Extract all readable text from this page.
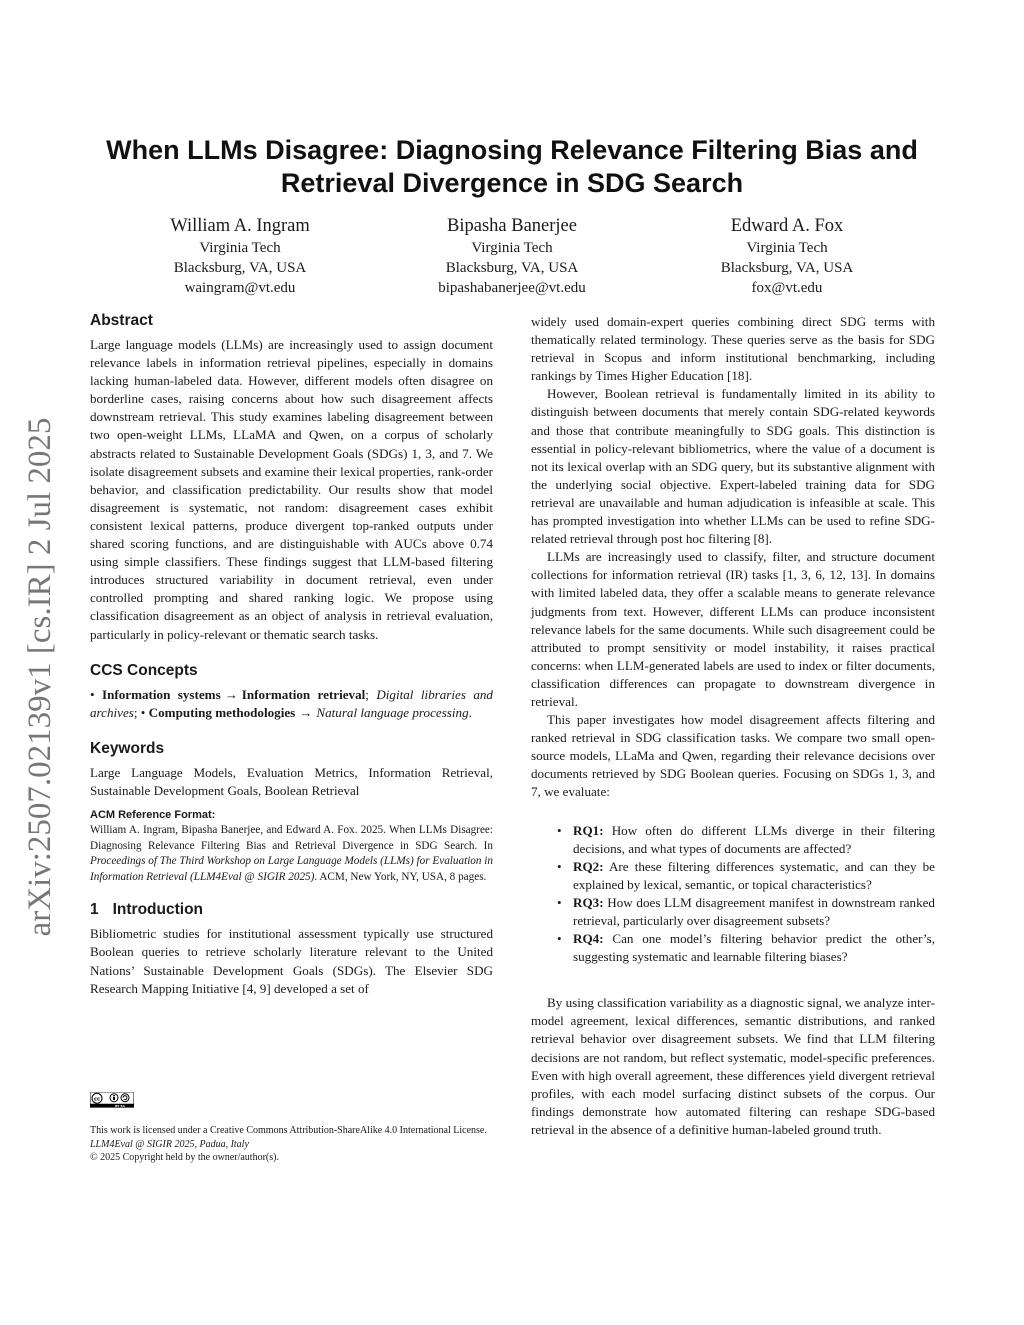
arXiv:2507.02139v1 [cs.IR] 2 Jul 2025
When LLMs Disagree: Diagnosing Relevance Filtering Bias and
Retrieval Divergence in SDG Search
William A. Ingram
Virginia Tech
Blacksburg, VA, USA
waingram@vt.edu
Bipasha Banerjee
Virginia Tech
Blacksburg, VA, USA
bipashabanerjee@vt.edu
Edward A. Fox
Virginia Tech
Blacksburg, VA, USA
fox@vt.edu
Abstract

Large language models (LLMs) are increasingly used to assign document relevance labels in information retrieval pipelines, especially in domains lacking human-labeled data. However, different models often disagree on borderline cases, raising concerns about how such disagreement affects downstream retrieval. This study examines labeling disagreement between two open-weight LLMs, LLaMA and Qwen, on a corpus of scholarly abstracts related to Sustainable Development Goals (SDGs) 1, 3, and 7. We isolate disagreement subsets and examine their lexical properties, rank-order behavior, and classification predictability. Our results show that model disagreement is systematic, not random: disagreement cases exhibit consistent lexical patterns, produce divergent top-ranked outputs under shared scoring functions, and are distinguishable with AUCs above 0.74 using simple classifiers. These findings suggest that LLM-based filtering introduces structured variability in document retrieval, even under controlled prompting and shared ranking logic. We propose using classification disagreement as an object of analysis in retrieval evaluation, particularly in policy-relevant or thematic search tasks.

CCS Concepts

• Information systems → Information retrieval; Digital libraries and archives; • Computing methodologies → Natural language processing.

Keywords

Large Language Models, Evaluation Metrics, Information Retrieval, Sustainable Development Goals, Boolean Retrieval

ACM Reference Format:

William A. Ingram, Bipasha Banerjee, and Edward A. Fox. 2025. When LLMs Disagree: Diagnosing Relevance Filtering Bias and Retrieval Divergence in SDG Search. In Proceedings of The Third Workshop on Large Language Models (LLMs) for Evaluation in Information Retrieval (LLM4Eval @ SIGIR 2025). ACM, New York, NY, USA, 8 pages.

1 Introduction

Bibliometric studies for institutional assessment typically use structured Boolean queries to retrieve scholarly literature relevant to the United Nations’ Sustainable Development Goals (SDGs). The Elsevier SDG Research Mapping Initiative [4, 9] developed a set of

cc
BY SA

This work is licensed under a Creative Commons Attribution-ShareAlike 4.0 International License.

LLM4Eval @ SIGIR 2025, Padua, Italy

© 2025 Copyright held by the owner/author(s).

widely used domain-expert queries combining direct SDG terms with thematically related terminology. These queries serve as the basis for SDG retrieval in Scopus and inform institutional benchmarking, including rankings by Times Higher Education [18].

However, Boolean retrieval is fundamentally limited in its ability to distinguish between documents that merely contain SDG-related keywords and those that contribute meaningfully to SDG goals. This distinction is essential in policy-relevant bibliometrics, where the value of a document is not its lexical overlap with an SDG query, but its substantive alignment with the underlying social objective. Expert-labeled training data for SDG retrieval are unavailable and human adjudication is infeasible at scale. This has prompted investigation into whether LLMs can be used to refine SDG-related retrieval through post hoc filtering [8].

LLMs are increasingly used to classify, filter, and structure document collections for information retrieval (IR) tasks [1, 3, 6, 12, 13]. In domains with limited labeled data, they offer a scalable means to generate relevance judgments from text. However, different LLMs can produce inconsistent relevance labels for the same documents. While such disagreement could be attributed to prompt sensitivity or model instability, it raises practical concerns: when LLM-generated labels are used to index or filter documents, classification differences can propagate to downstream divergence in retrieval.

This paper investigates how model disagreement affects filtering and ranked retrieval in SDG classification tasks. We compare two small open-source models, LLaMa and Qwen, regarding their relevance decisions over documents retrieved by SDG Boolean queries. Focusing on SDGs 1, 3, and 7, we evaluate:

• RQ1: How often do different LLMs diverge in their filtering decisions, and what types of documents are affected?
• RQ2: Are these filtering differences systematic, and can they be explained by lexical, semantic, or topical characteristics?
• RQ3: How does LLM disagreement manifest in downstream ranked retrieval, particularly over disagreement subsets?
• RQ4: Can one model’s filtering behavior predict the other’s, suggesting systematic and learnable filtering biases?

By using classification variability as a diagnostic signal, we analyze inter-model agreement, lexical differences, semantic distributions, and ranked retrieval behavior over disagreement subsets. We find that LLM filtering decisions are not random, but reflect systematic, model-specific preferences. Even with high overall agreement, these differences yield divergent retrieval profiles, with each model surfacing distinct subsets of the corpus. Our findings demonstrate how automated filtering can reshape SDG-based retrieval in the absence of a definitive human-labeled ground truth.
